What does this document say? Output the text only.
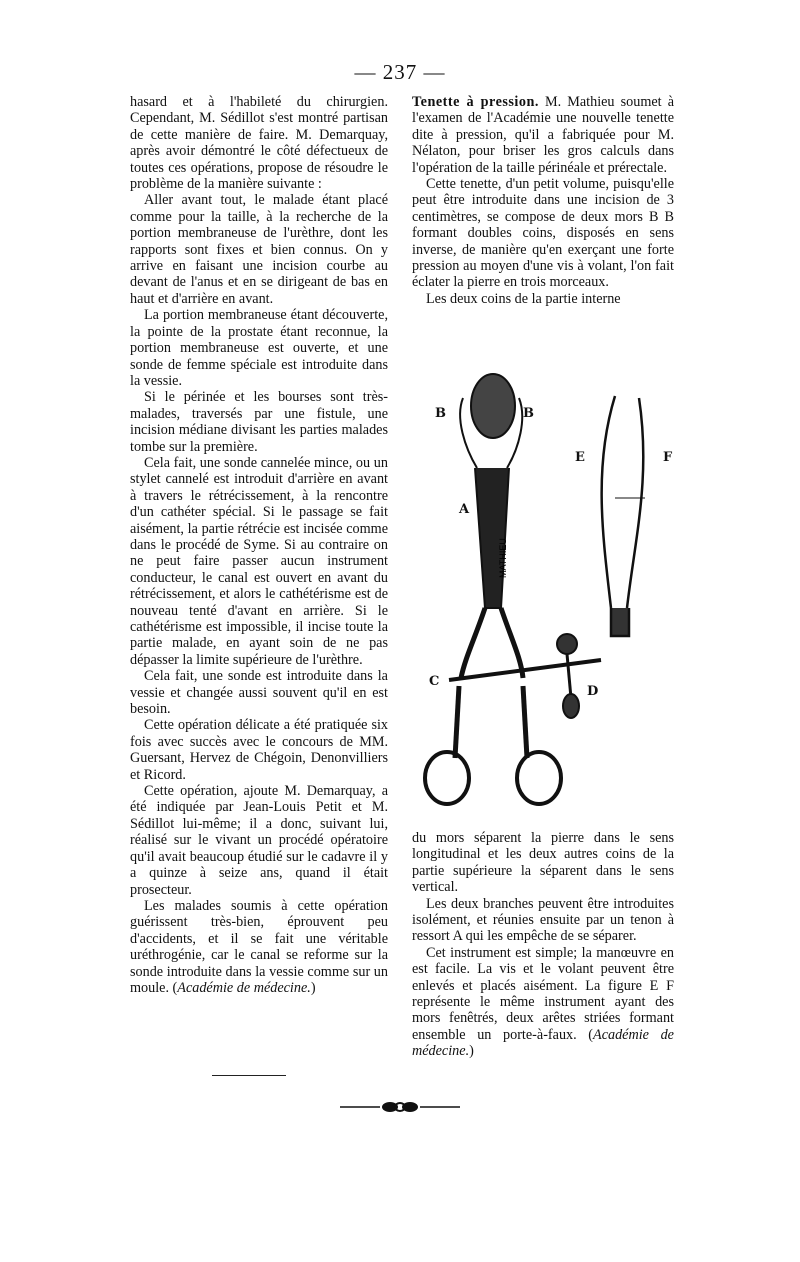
— 237 —

hasard et à l'habileté du chirurgien. Cependant, M. Sédillot s'est montré partisan de cette manière de faire. M. Demarquay, après avoir démontré le côté défectueux de toutes ces opérations, propose de résoudre le problème de la manière suivante :

Aller avant tout, le malade étant placé comme pour la taille, à la recherche de la portion membraneuse de l'urèthre, dont les rapports sont fixes et bien connus. On y arrive en faisant une incision courbe au devant de l'anus et en se dirigeant de bas en haut et d'arrière en avant.

La portion membraneuse étant découverte, la pointe de la prostate étant reconnue, la portion membraneuse est ouverte, et une sonde de femme spéciale est introduite dans la vessie.

Si le périnée et les bourses sont très-malades, traversés par une fistule, une incision médiane divisant les parties malades tombe sur la première.

Cela fait, une sonde cannelée mince, ou un stylet cannelé est introduit d'arrière en avant à travers le rétrécissement, à la rencontre d'un cathéter spécial. Si le passage se fait aisément, la partie rétrécie est incisée comme dans le procédé de Syme. Si au contraire on ne peut faire passer aucun instrument conducteur, le canal est ouvert en avant du rétrécissement, et alors le cathétérisme est de nouveau tenté d'avant en arrière. Si le cathétérisme est impossible, il incise toute la partie malade, en ayant soin de ne pas dépasser la limite supérieure de l'urèthre.

Cela fait, une sonde est introduite dans la vessie et changée aussi souvent qu'il en est besoin.

Cette opération délicate a été pratiquée six fois avec succès avec le concours de MM. Guersant, Hervez de Chégoin, Denonvilliers et Ricord.

Cette opération, ajoute M. Demarquay, a été indiquée par Jean-Louis Petit et M. Sédillot lui-même; il a donc, suivant lui, réalisé sur le vivant un procédé opératoire qu'il avait beaucoup étudié sur le cadavre il y a quinze à seize ans, quand il était prosecteur.

Les malades soumis à cette opération guérissent très-bien, éprouvent peu d'accidents, et il se fait une véritable uréthrogénie, car le canal se reforme sur la sonde introduite dans la vessie comme sur un moule. (Académie de médecine.)

Tenette à pression. M. Mathieu soumet à l'examen de l'Académie une nouvelle tenette dite à pression, qu'il a fabriquée pour M. Nélaton, pour briser les gros calculs dans l'opération de la taille périnéale et prérectale.

Cette tenette, d'un petit volume, puisqu'elle peut être introduite dans une incision de 3 centimètres, se compose de deux mors B B formant doubles coins, disposés en sens inverse, de manière qu'en exerçant une forte pression au moyen d'une vis à volant, l'on fait éclater la pierre en trois morceaux.

Les deux coins de la partie interne

MATHIEU
B	B
A
C
D
E	F

du mors séparent la pierre dans le sens longitudinal et les deux autres coins de la partie supérieure la séparent dans le sens vertical.

Les deux branches peuvent être introduites isolément, et réunies ensuite par un tenon à ressort A qui les empêche de se séparer.

Cet instrument est simple; la manœuvre en est facile. La vis et le volant peuvent être enlevés et placés aisément. La figure E F représente le même instrument ayant des mors fenêtrés, deux arêtes striées formant ensemble un porte-à-faux. (Académie de médecine.)
